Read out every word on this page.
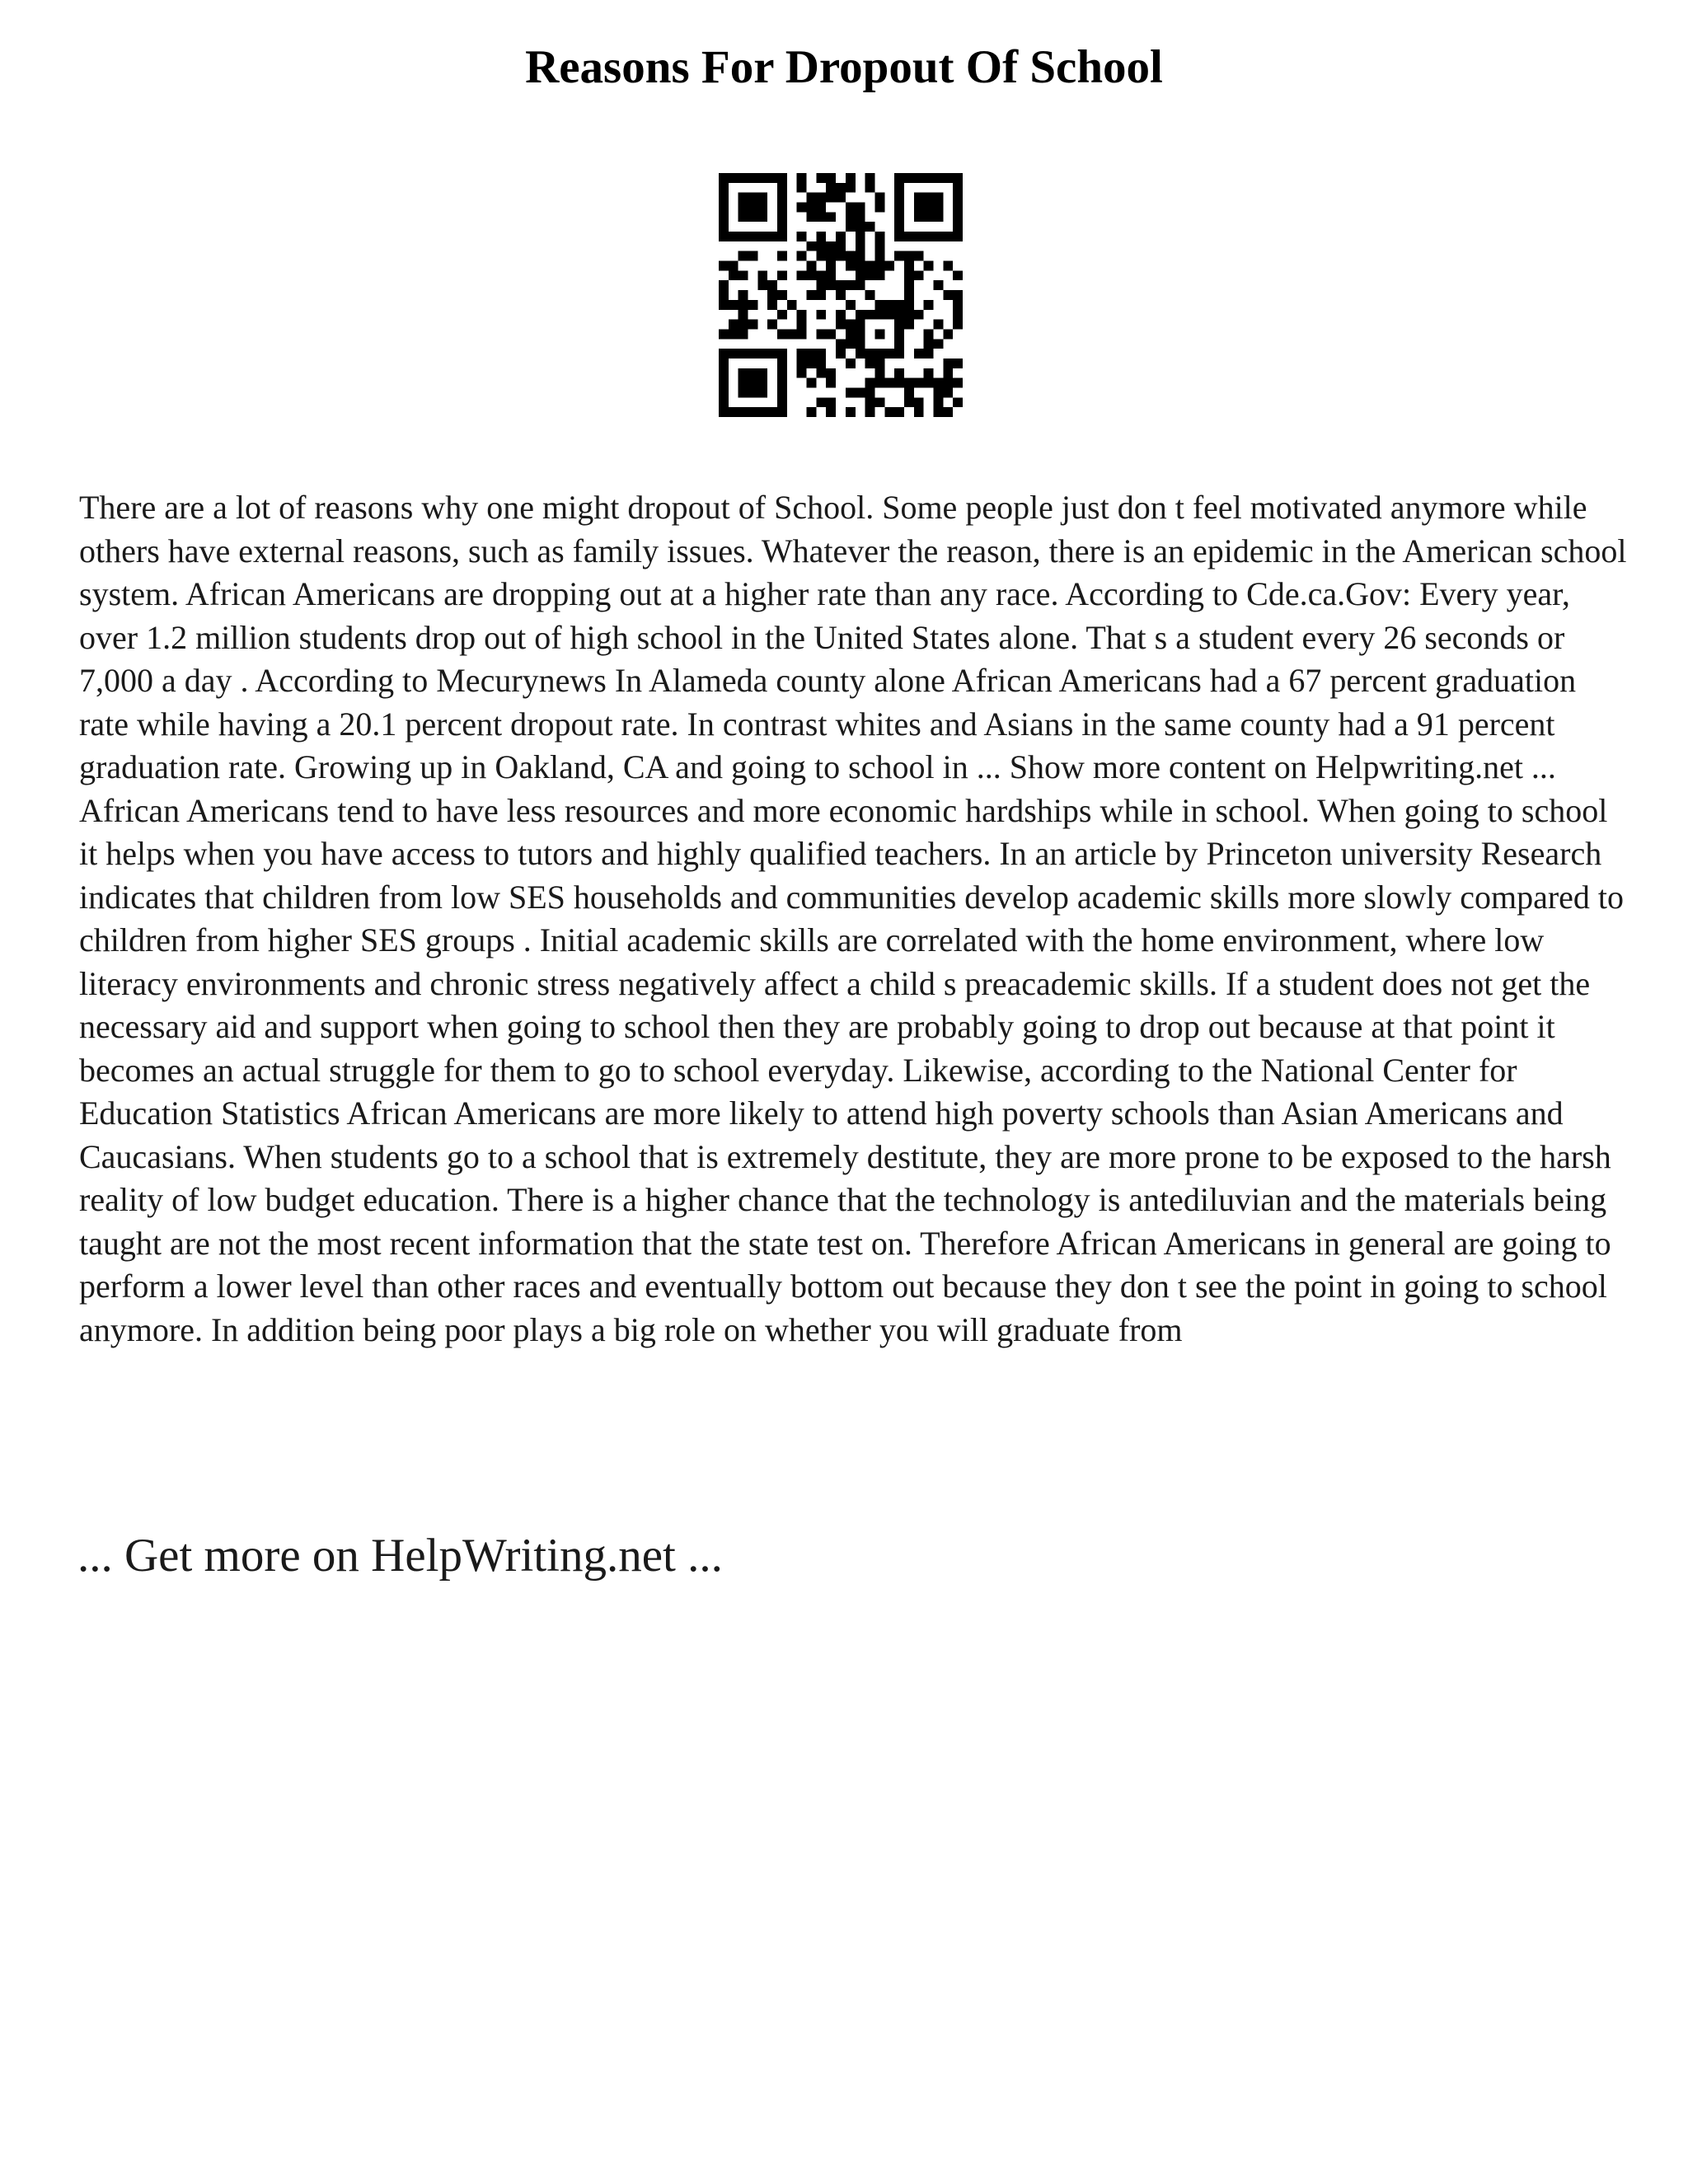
Reasons For Dropout Of School

There are a lot of reasons why one might dropout of School. Some people just don t feel motivated anymore while others have external reasons, such as family issues. Whatever the reason, there is an epidemic in the American school system. African Americans are dropping out at a higher rate than any race. According to Cde.ca.Gov: Every year, over 1.2 million students drop out of high school in the United States alone. That s a student every 26 seconds or 7,000 a day . According to Mecurynews In Alameda county alone African Americans had a 67 percent graduation rate while having a 20.1 percent dropout rate. In contrast whites and Asians in the same county had a 91 percent graduation rate. Growing up in Oakland, CA and going to school in ... Show more content on Helpwriting.net ... African Americans tend to have less resources and more economic hardships while in school. When going to school it helps when you have access to tutors and highly qualified teachers. In an article by Princeton university Research indicates that children from low SES households and communities develop academic skills more slowly compared to children from higher SES groups . Initial academic skills are correlated with the home environment, where low literacy environments and chronic stress negatively affect a child s preacademic skills. If a student does not get the necessary aid and support when going to school then they are probably going to drop out because at that point it becomes an actual struggle for them to go to school everyday. Likewise, according to the National Center for Education Statistics African Americans are more likely to attend high poverty schools than Asian Americans and Caucasians. When students go to a school that is extremely destitute, they are more prone to be exposed to the harsh reality of low budget education. There is a higher chance that the technology is antediluvian and the materials being taught are not the most recent information that the state test on. Therefore African Americans in general are going to perform a lower level than other races and eventually bottom out because they don t see the point in going to school anymore. In addition being poor plays a big role on whether you will graduate from

... Get more on HelpWriting.net ...
